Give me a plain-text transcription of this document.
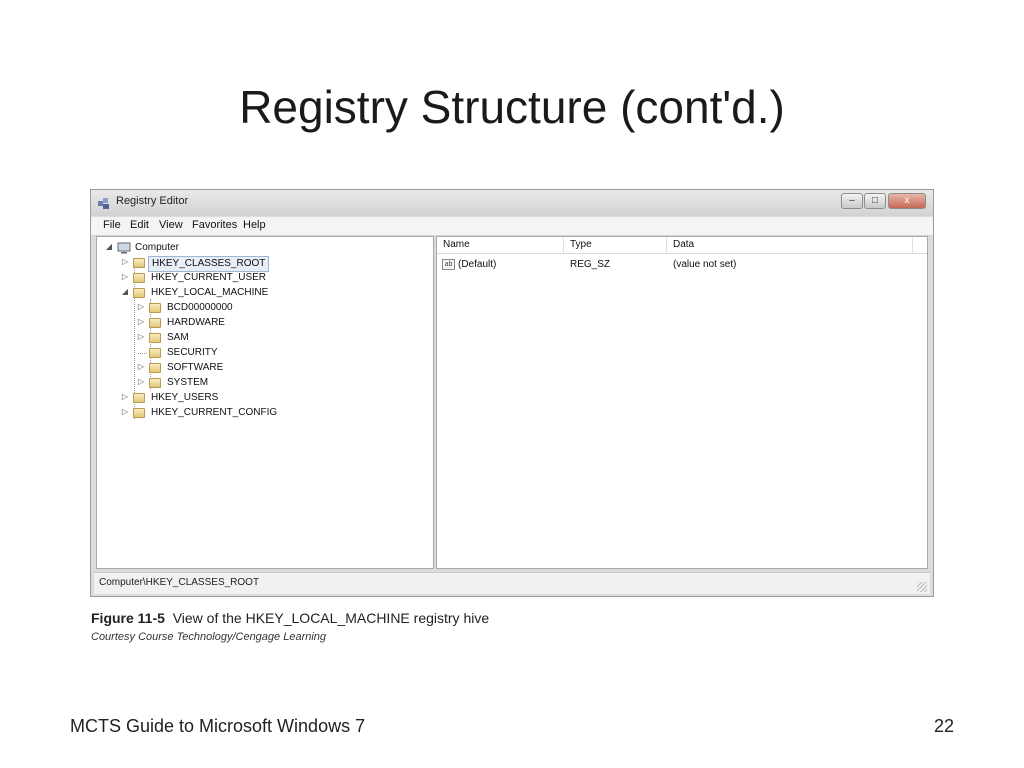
Registry Structure (cont'd.)
Registry Editor	–	□	x
File Edit View Favorites Help
◢ Computer
▷	HKEY_CLASSES_ROOT
▷ HKEY_CURRENT_USER
◢ HKEY_LOCAL_MACHINE
▷ BCD00000000
▷ HARDWARE
▷ SAM
SECURITY
▷ SOFTWARE
▷ SYSTEM
▷ HKEY_USERS
▷ HKEY_CURRENT_CONFIG
Name	Type	Data
ab (Default)	REG_SZ	(value not set)
Computer\HKEY_CLASSES_ROOT
Figure 11-5 View of the HKEY_LOCAL_MACHINE registry hive
Courtesy Course Technology/Cengage Learning
MCTS Guide to Microsoft Windows 7	22
